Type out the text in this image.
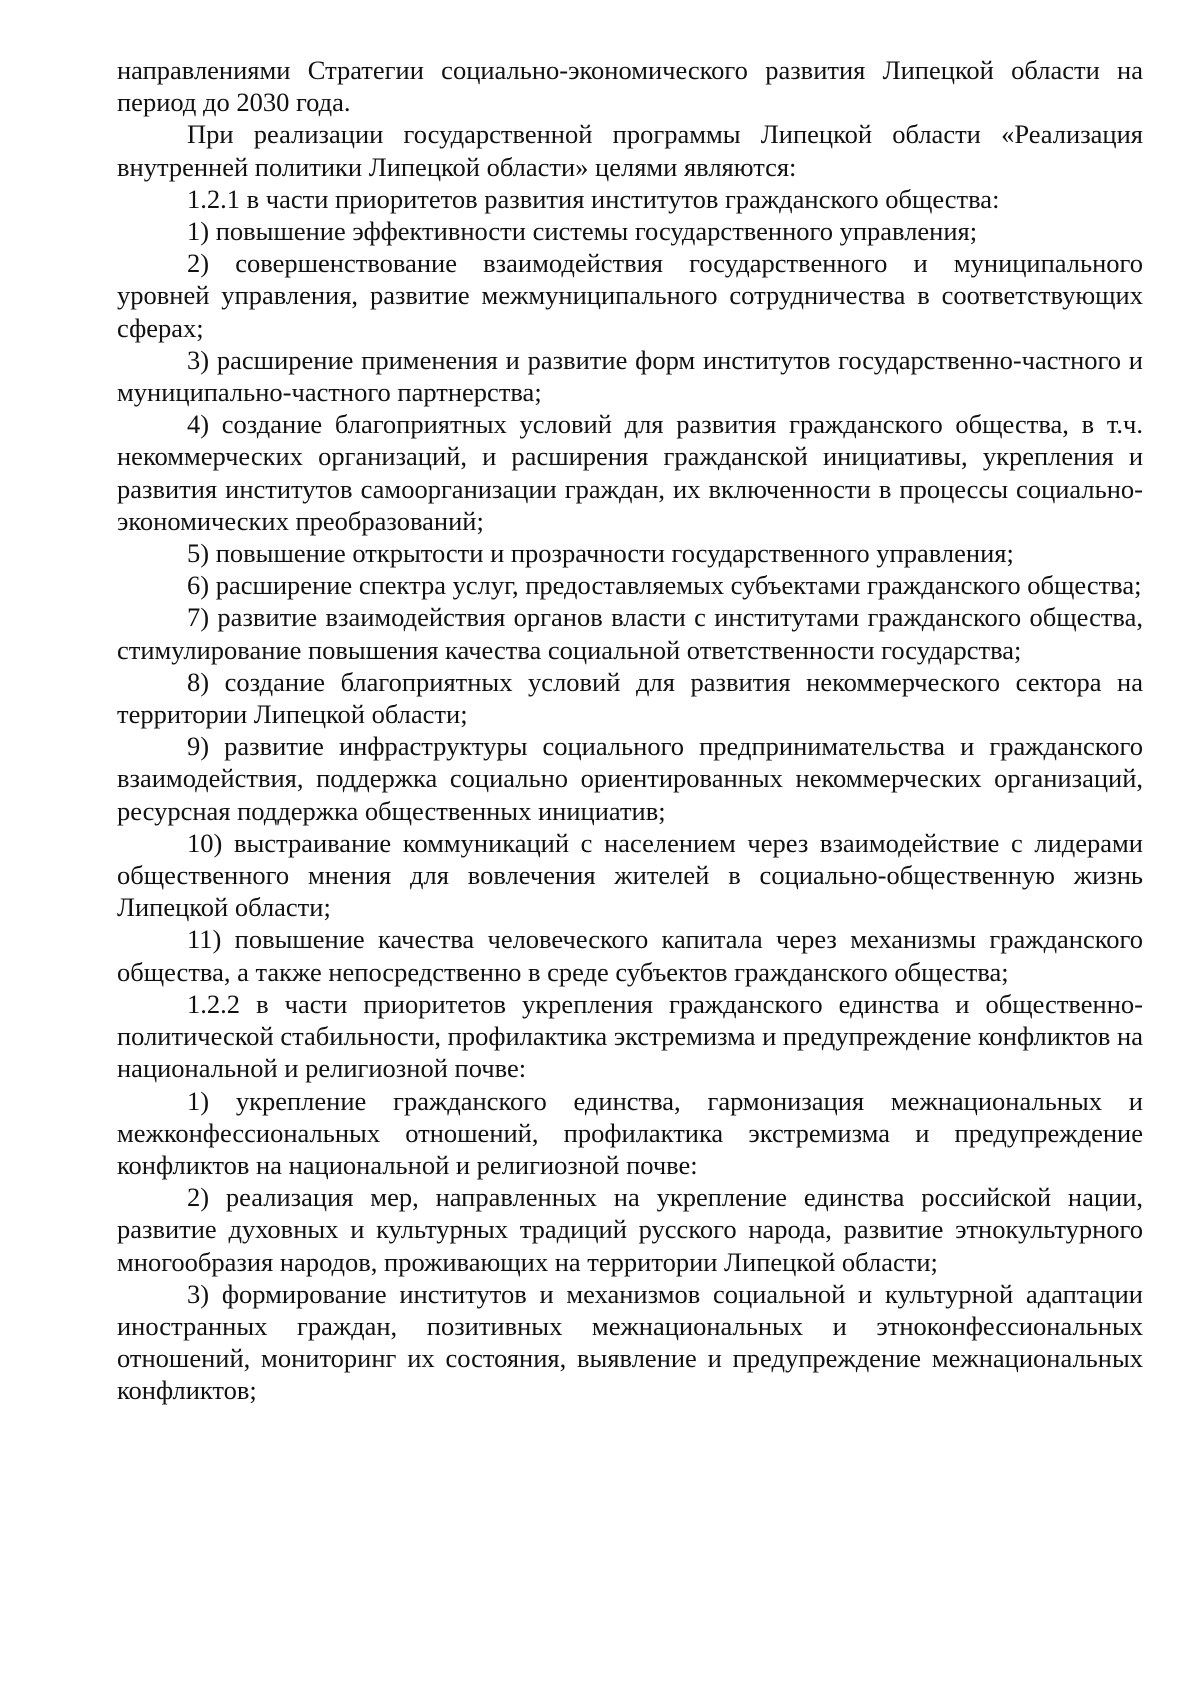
направлениями Стратегии социально-экономического развития Липецкой области на период до 2030 года.

При реализации государственной программы Липецкой области «Реализация внутренней политики Липецкой области» целями являются:

1.2.1 в части приоритетов развития институтов гражданского общества:

1) повышение эффективности системы государственного управления;

2) совершенствование взаимодействия государственного и муниципального уровней управления, развитие межмуниципального сотрудничества в соответствующих сферах;

3) расширение применения и развитие форм институтов государственно-частного и муниципально-частного партнерства;

4) создание благоприятных условий для развития гражданского общества, в т.ч. некоммерческих организаций, и расширения гражданской инициативы, укрепления и развития институтов самоорганизации граждан, их включенности в процессы социально-экономических преобразований;

5) повышение открытости и прозрачности государственного управления;

6) расширение спектра услуг, предоставляемых субъектами гражданского общества;

7) развитие взаимодействия органов власти с институтами гражданского общества, стимулирование повышения качества социальной ответственности государства;

8) создание благоприятных условий для развития некоммерческого сектора на территории Липецкой области;

9) развитие инфраструктуры социального предпринимательства и гражданского взаимодействия, поддержка социально ориентированных некоммерческих организаций, ресурсная поддержка общественных инициатив;

10) выстраивание коммуникаций с населением через взаимодействие с лидерами общественного мнения для вовлечения жителей в социально-общественную жизнь Липецкой области;

11) повышение качества человеческого капитала через механизмы гражданского общества, а также непосредственно в среде субъектов гражданского общества;

1.2.2 в части приоритетов укрепления гражданского единства и общественно-политической стабильности, профилактика экстремизма и предупреждение конфликтов на национальной и религиозной почве:

1) укрепление гражданского единства, гармонизация межнациональных и межконфессиональных отношений, профилактика экстремизма и предупреждение конфликтов на национальной и религиозной почве:

2) реализация мер, направленных на укрепление единства российской нации, развитие духовных и культурных традиций русского народа, развитие этнокультурного многообразия народов, проживающих на территории Липецкой области;

3) формирование институтов и механизмов социальной и культурной адаптации иностранных граждан, позитивных межнациональных и этноконфессиональных отношений, мониторинг их состояния, выявление и предупреждение межнациональных конфликтов;
